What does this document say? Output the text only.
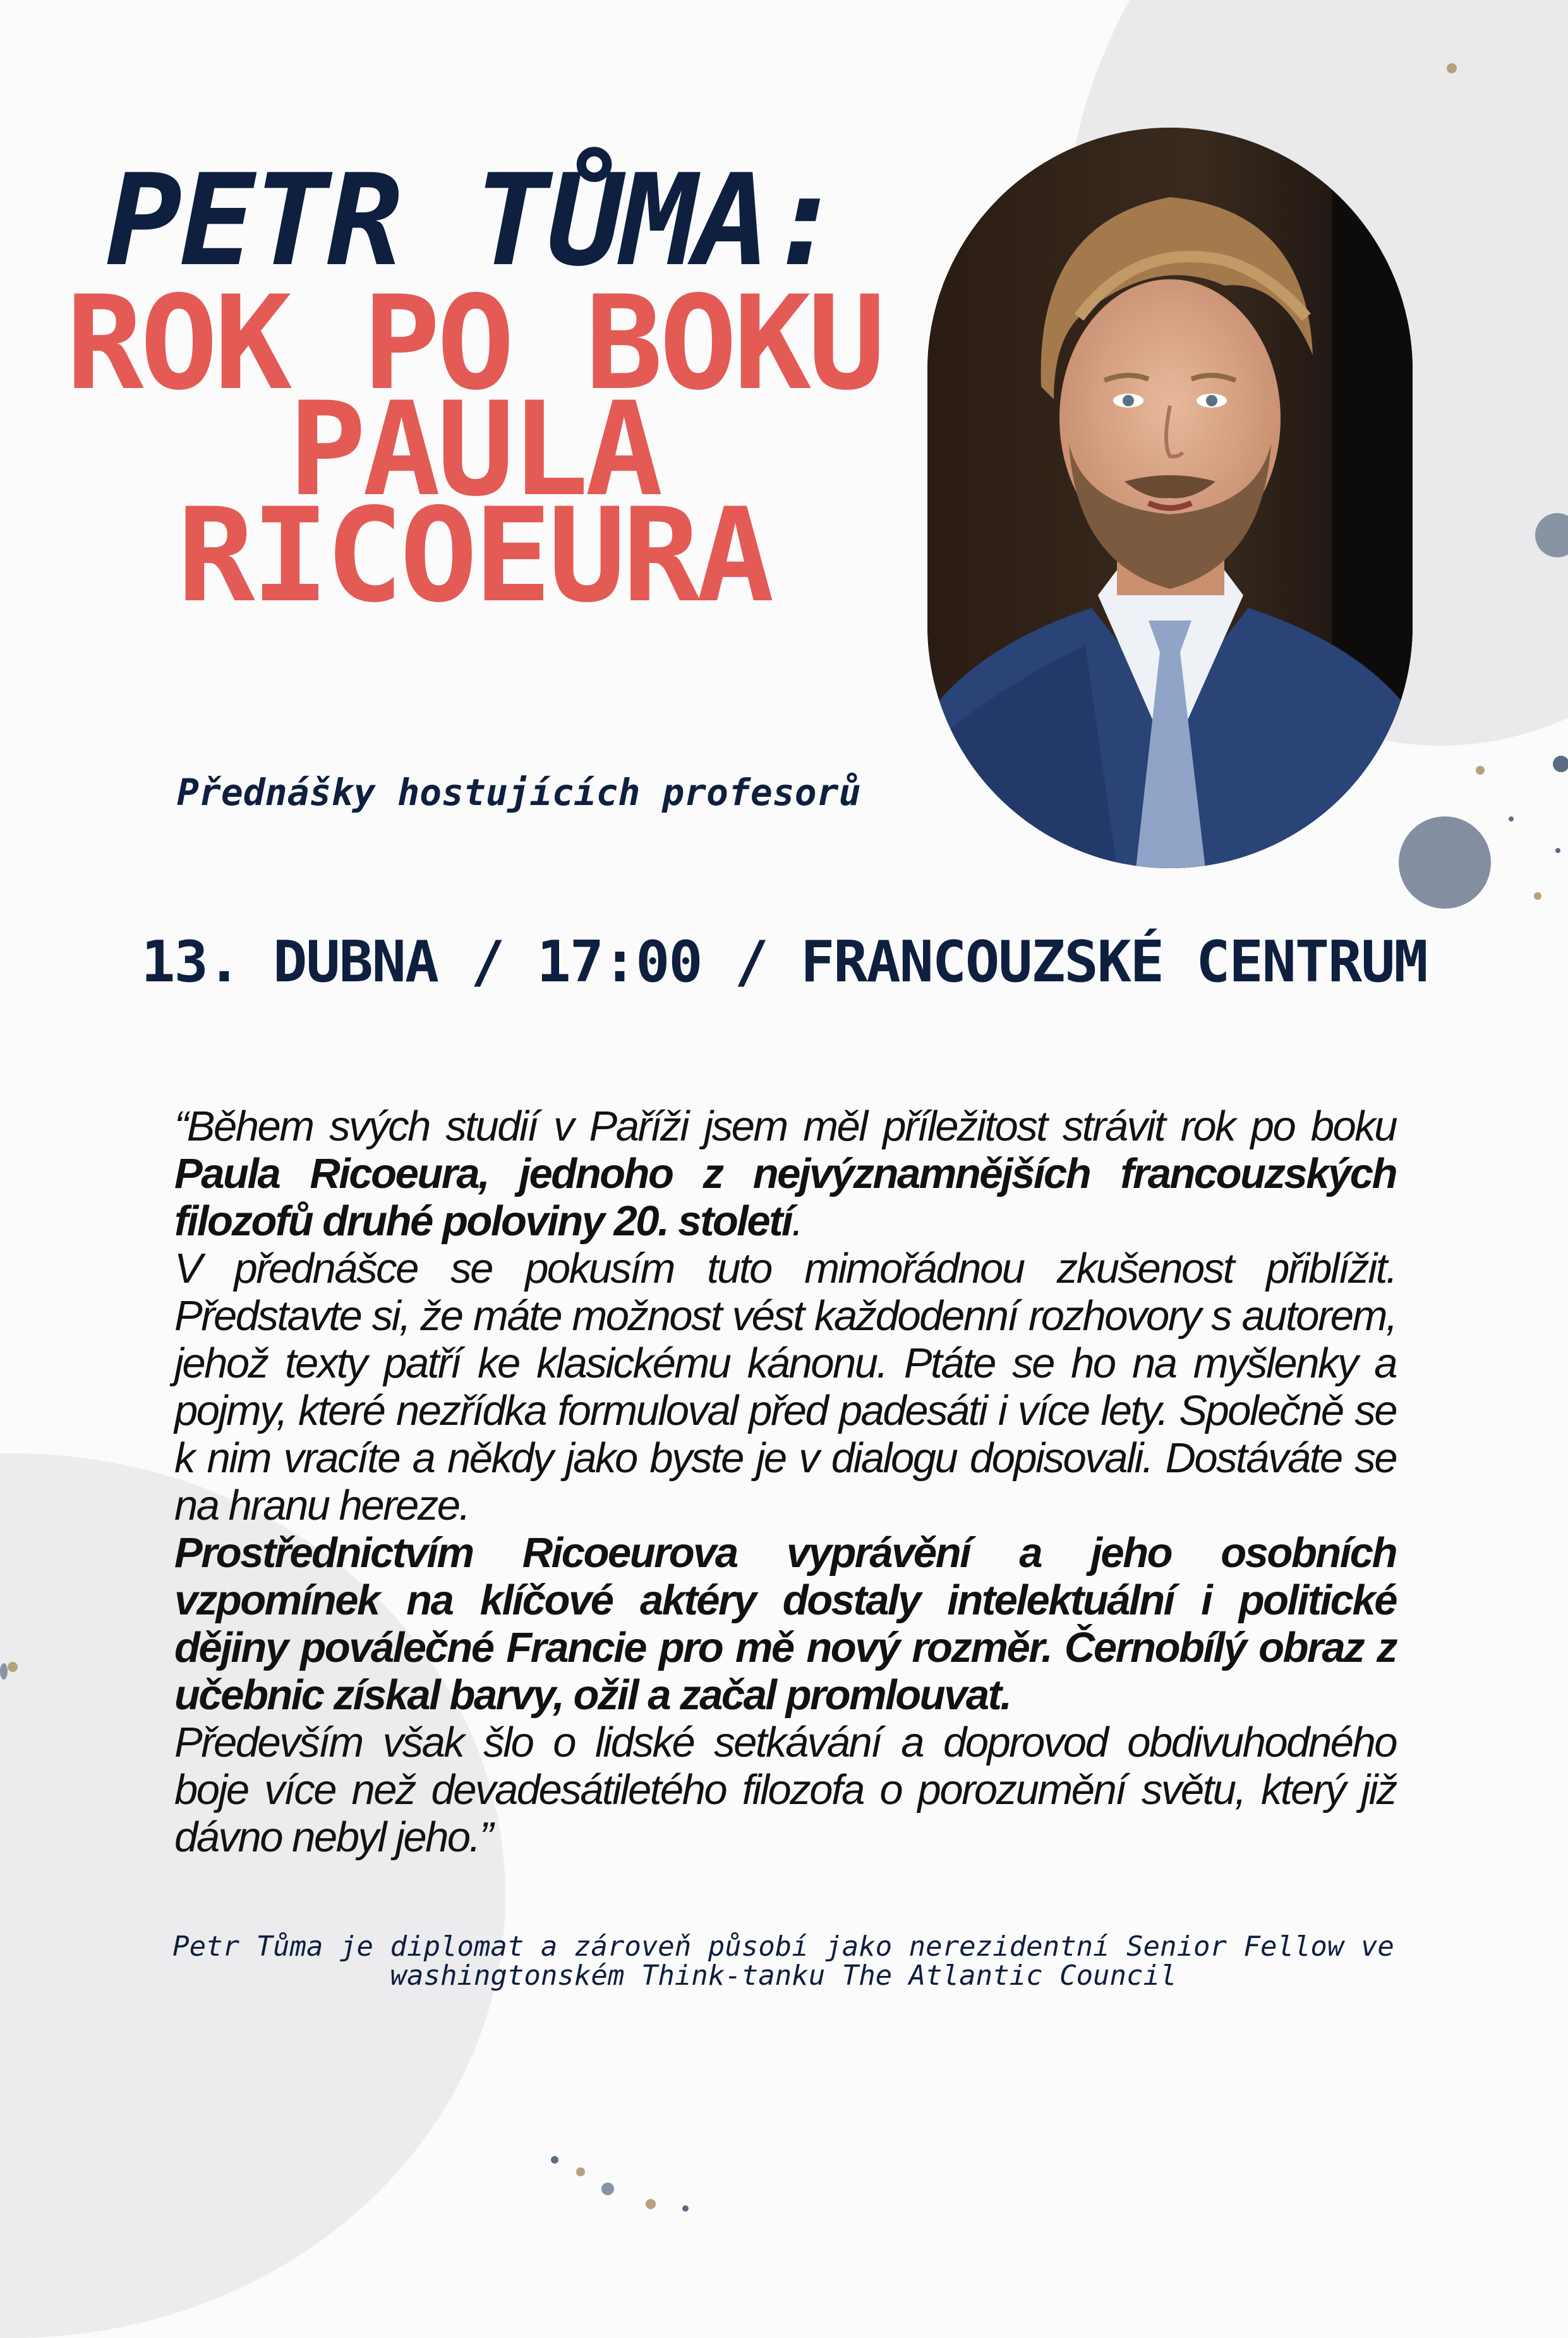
PETR TŮMA:
ROK PO BOKU
PAULA
RICOEURA

Přednášky hostujících profesorů

13. DUBNA / 17:00 / FRANCOUZSKÉ CENTRUM

“Během svých studií v Paříži jsem měl příležitost strávit rok po boku Paula Ricoeura, jednoho z nejvýznamnějších francouzských filozofů druhé poloviny 20. století.

V přednášce se pokusím tuto mimořádnou zkušenost přiblížit. Představte si, že máte možnost vést každodenní rozhovory s autorem, jehož texty patří ke klasickému kánonu. Ptáte se ho na myšlenky a pojmy, které nezřídka formuloval před padesáti i více lety. Společně se k nim vracíte a někdy jako byste je v dialogu dopisovali. Dostáváte se na hranu hereze.

Prostřednictvím Ricoeurova vyprávění a jeho osobních vzpomínek na klíčové aktéry dostaly intelektuální i politické dějiny poválečné Francie pro mě nový rozměr. Černobílý obraz z učebnic získal barvy, ožil a začal promlouvat.

Především však šlo o lidské setkávání a doprovod obdivuhodného boje více než devadesátiletého filozofa o porozumění světu, který již dávno nebyl jeho.”

Petr Tůma je diplomat a zároveň působí jako nerezidentní Senior Fellow ve washingtonském Think-tanku The Atlantic Council
